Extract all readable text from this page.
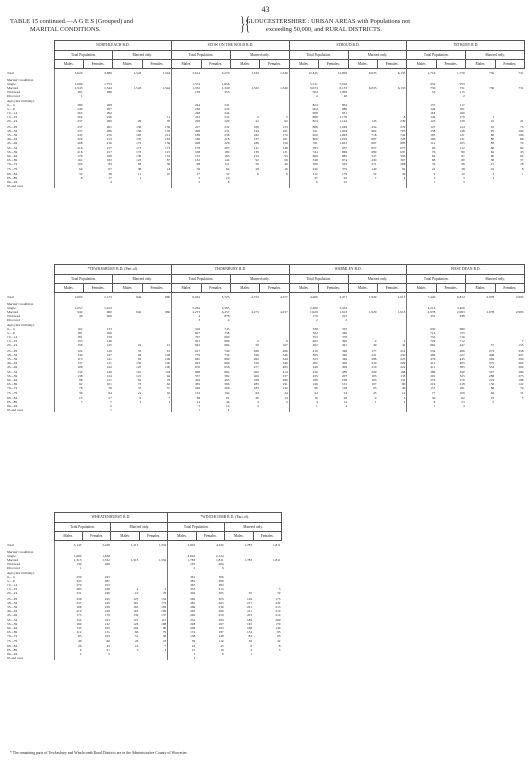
43
TABLE 15 continued.—A G E S (Grouped) and
MARITAL CONDITIONS.	}{
GLOUCESTERSHIRE : URBAN AREAS with Populations not
exceeding 50,000, and RURAL DISTRICTS.
	NORTHLEACH R.D.				STOW ON THE WOLD R.D.				STROUD R.D.				TETBURY R.D.			
	Total Population.		Married only.		Total Population.		Married only.		Total Population.		Married only.		Total Population.		Married only.	
	Males.	Females.	Males.	Females.	Males.	Females.	Males.	Females.	Males.	Females.	Males.	Females.	Males.	Females.	Males.	Females.
Total	3,624	3,686	1,543	1,544	3,614	3,270	1,332	1,340	12,345	12,856	6,033	6,133	1,716	1,770	730	731
Marital Conditions.																
Single	1,699	1,753			1,574	1,656			5,721	7,016			932	953		
Married	1,543	1,544	1,543	1,544	1,332	1,340	1,332	1,340	6,033	6,133	6,033	6,133	730	731	730	731
Widowed	181	288			159	355			564	1,399			53	115		
Divorced	1								4	20				2		
Ages (last birthday).																
0— 4	289	268			244	241			824	864			155	117		
5— 9	249	267			236	232			904	986			149	161		
10—14	263	262			248	244			908	931			163	160		
15—19	264	256		11	233	232	2	5	898	1,170		8	149	179	1	
20—24	237	260	29	70	226	229	22	62	824	1,144	145	239	123	129	10	21
25—29	237	261	136	159	227	232	100	123	806	1,049	454	279	147	124	61	75
30—34	237	286	156	178	208	231	144	161	911	1,034	604	705	138	148	95	104
35—39	243	270	165	213	189	238	182	170	920	1,093	718	742	105	121	80	106
40—44	222	213	170	163	186	218	157	161	800	1,019	687	728	106	131	80	86
45—49	208	216	172	156	208	226	186	159	761	1,061	667	685	112	105	85	79
50—54	216	217	173	173	178	207	141	148	783	937	657	675	95	112	80	82
55—59	216	217	173	147	168	189	139	131	744	849	689	637	76	80	62	45
60—64	176	189	139	133	155	163	124	93	666	882	547	593	84	87	60	64
65—69	162	182	123	87	132	144	92	66	549	674	430	367	68	80	38	37
70—74	104	83	63	36	98	111	59	40	390	545	271	208	33	46	21	18
75—79	64	67	38	14	56	64	29	16	240	375	149	92	24	38	10	8
80—84	32	38	11	10	17	32	6	6	112	179	52	39	9	19	3	1
85—89	8	17	1		5	10			37	62	7	4	3	3	1	
90—94		4			2	8			6	22			1	3		
95 and over																
	*TEWKESBURY R.D. (Part of).				THORNBURY R.D.				WARMLEY R.D.				WEST DEAN R.D.			
	Total Population.		Married only.		Total Population.		Married only.		Total Population.		Married only.		Total Population.		Married only.	
	Males.	Females.	Males.	Females.	Males.	Females.	Males.	Females.	Males.	Females.	Males.	Females.	Males.	Females.	Males.	Females.
Total	2,095	2,173	942	960	9,024	5,725	4,372	4,257	4,466	4,471	1,929	1,913	7,440	6,814	2,978	2,993
Marital Conditions.																
Single	1,057	1,013			5,264	4,585			2,360	2,333			4,214	3,206		
Married	942	960	942	960	4,273	4,257	4,273	4,257	1,929	1,913	1,929	1,913	2,978	2,993	2,978	2,993
Widowed	46	200			4	878			176	225			331	638		
Divorced					3	4			2	2						
Ages (last birthday).																
0— 4	192	133			316	743			338	335			630	680		
5— 9	181	166			627	758			362	346			714	725		
10—14	181	159			767	690			353	376			733	716		
15—19	153	146			815	686	2	9	403	392	2	2	729	712		7
20—24	158	145	19	21	842	684	50	167	462	361	49	42	662	447	57	155
25—29	124	149	55	91	617	740	268	466	410	348	177	214	534	496	273	258
30—34	140	147	94	106	779	734	536	546	393	346	241	250	482	527	408	447
35—39	113	141	93	109	645	669	492	344	323	346	288	223	476	445	394	390
40—44	137	131	130	100	623	690	510	346	282	306	230	209	413	405	375	362
45—49	108	142	125	100	670	656	477	483	248	309	219	222	411	385	334	309
50—54	134	146	101	118	698	682	462	414	236	289	229	198	389	350	307	280
55—59	138	124	121	94	557	582	400	237	235	207	193	133	291	325	288	275
60—64	98	121	81	79	459	463	329	290	198	198	163	134	270	276	219	188
65—69	92	101	73	62	365	366	283	191	146	161	107	90	219	218	150	122
70—74	78	59	57	37	246	266	183	132	90	118	65	49	157	161	86	70
75—79	39	64	21	10	152	164	63	44	44	54	23	12	77	109	46	31
80—84	15	27	6	7	69	91	26	14	16	28	9	3	30	62	19	5
85—89	7	7	2	1	14	46	4	2	4	14	1	1	8	23	2	
90—94		2			5	14	2		1	4			1	4		
95 and over		1			1	2										
	WHEATENHURST R.D.				*WINCHCOMB R.D. (Part of).			
	Total Population.		Married only.		Total Population.		Married only.	
	Males.	Females.	Males.	Females.	Males.	Females.	Males.	Females.
Total	3,145	3,228	1,313	1,332	2,991	4,345	1,783	1,811
Marital Conditions.								
Single	1,690	1,630			2,043	2,124		
Married	1,313	1,332	1,313	1,332	1,783	1,811	1,783	1,811
Widowed	139	266			163	404		
Divorced	1				2	6		
Ages (last birthday).								
0— 4	239	243			361	366		
5— 9	343	287			381	389		
10—14	279	253			367	384		
15—19	283	236	2	2	353	313		3
20—24	231	246	19	70	304	305	35	79
25—29	236	245	123	134	262	303	129	175
30—34	237	245	161	174	281	265	217	222
35—39	196	239	165	183	269	236	221	213
40—44	210	220	163	169	263	266	211	210
45—49	175	179	139	137	249	250	203	214
50—54	154	163	121	115	232	284	189	200
55—59	169	122	126	108	228	267	165	170
60—64	135	165	104	90	209	193	168	149
65—69	112	131	66	79	174	187	134	95
70—74	83	103	51	36	138	148	84	63
75—79	49	66	26	23	59	112	36	32
80—84	26	45	10	7	22	45	6	8
85—89	6	21	3	2	12	19	4	3
90—94	2	3			3	6	1	
95 and over					1			
* The remaining parts of Tewkesbury and Winchcomb Rural Districts are in the Administrative County of Worcester.
